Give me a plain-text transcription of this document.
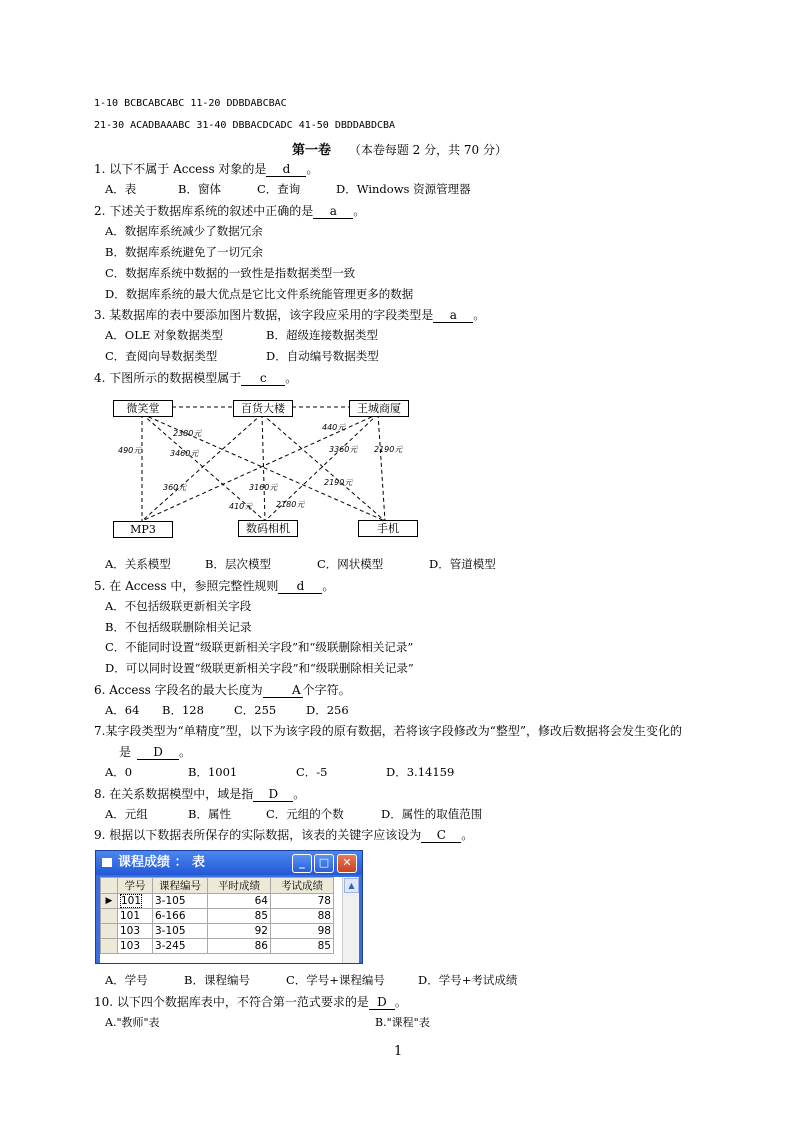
1-10 BCBCABCABC 11-20 DDBDABCBAC
21-30 ACADBAAABC 31-40 DBBACDCADC 41-50 DBDDABDCBA
第一卷 （本卷每题 2 分，共 70 分）
1. 以下不属于 Access 对象的是 d 。
A．表	B．窗体	C．查询	D．Windows 资源管理器
2. 下述关于数据库系统的叙述中正确的是 a 。
A．数据库系统减少了数据冗余
B．数据库系统避免了一切冗余
C．数据库系统中数据的一致性是指数据类型一致
D．数据库系统的最大优点是它比文件系统能管理更多的数据
3. 某数据库的表中要添加图片数据，该字段应采用的字段类型是 a 。
A．OLE 对象数据类型	B．超级连接数据类型
C．查阅向导数据类型	D．自动编号数据类型
4. 下图所示的数据模型属于 c 。
微笑堂	百货大楼	王城商厦
MP3	数码相机	手机
2380元
490元	3460元
440元
3360元 2190元
360元	3160元
2190元
410元	2180元
A．关系模型	B．层次模型	C．网状模型	D．管道模型
5. 在 Access 中，参照完整性规则 d 。
A．不包括级联更新相关字段
B．不包括级联删除相关记录
C．不能同时设置“级联更新相关字段”和“级联删除相关记录”
D．可以同时设置“级联更新相关字段”和“级联删除相关记录”
6. Access 字段名的最大长度为 A 个字符。
A．64 B．128	C．255	D．256
7.某字段类型为“单精度”型，以下为该字段的原有数据，若将该字段修改为“整型”，修改后数据将会发生变化的
是 D 。
A．0	B．1001	C．-5	D．3.14159
8. 在关系数据模型中，域是指 D 。
A．元组	B．属性	C．元组的个数	D．属性的取值范围
9. 根据以下数据表所保存的实际数据，该表的关键字应该设为 C 。
课程成绩 ： 表	_	□	✕
	学号	课程编号	平时成绩	考试成绩
▶	101	3-105	64	78
	101	6-166	85	88
	103	3-105	92	98
	103	3-245	86	85
▲
A．学号	B．课程编号	C．学号+课程编号	D．学号+考试成绩
10. 以下四个数据库表中，不符合第一范式要求的是 D 。
A."教师"表	B."课程"表
1
